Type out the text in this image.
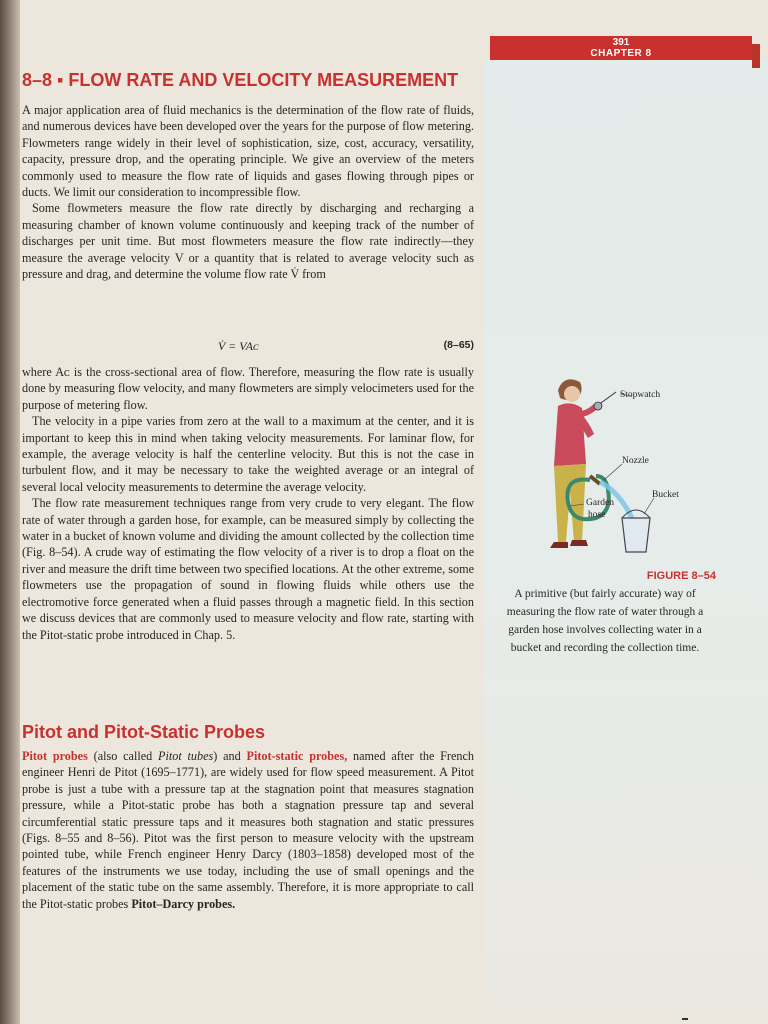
391
CHAPTER 8
8–8 ▪ FLOW RATE AND VELOCITY MEASUREMENT

A major application area of fluid mechanics is the determination of the flow rate of fluids, and numerous devices have been developed over the years for the purpose of flow metering. Flowmeters range widely in their level of sophistication, size, cost, accuracy, versatility, capacity, pressure drop, and the operating principle. We give an overview of the meters commonly used to measure the flow rate of liquids and gases flowing through pipes or ducts. We limit our consideration to incompressible flow.

Some flowmeters measure the flow rate directly by discharging and recharging a measuring chamber of known volume continuously and keeping track of the number of discharges per unit time. But most flowmeters measure the flow rate indirectly—they measure the average velocity V or a quantity that is related to average velocity such as pressure and drag, and determine the volume flow rate V̇ from

V̇ = VAᴄ	(8–65)

where Aᴄ is the cross-sectional area of flow. Therefore, measuring the flow rate is usually done by measuring flow velocity, and many flowmeters are simply velocimeters used for the purpose of metering flow.

The velocity in a pipe varies from zero at the wall to a maximum at the center, and it is important to keep this in mind when taking velocity measurements. For laminar flow, for example, the average velocity is half the centerline velocity. But this is not the case in turbulent flow, and it may be necessary to take the weighted average or an integral of several local velocity measurements to determine the average velocity.

The flow rate measurement techniques range from very crude to very elegant. The flow rate of water through a garden hose, for example, can be measured simply by collecting the water in a bucket of known volume and dividing the amount collected by the collection time (Fig. 8–54). A crude way of estimating the flow velocity of a river is to drop a float on the river and measure the drift time between two specified locations. At the other extreme, some flowmeters use the propagation of sound in flowing fluids while others use the electromotive force generated when a fluid passes through a magnetic field. In this section we discuss devices that are commonly used to measure velocity and flow rate, starting with the Pitot-static probe introduced in Chap. 5.

Pitot and Pitot-Static Probes

Pitot probes (also called Pitot tubes) and Pitot-static probes, named after the French engineer Henri de Pitot (1695–1771), are widely used for flow speed measurement. A Pitot probe is just a tube with a pressure tap at the stagnation point that measures stagnation pressure, while a Pitot-static probe has both a stagnation pressure tap and several circumferential static pressure taps and it measures both stagnation and static pressures (Figs. 8–55 and 8–56). Pitot was the first person to measure velocity with the upstream pointed tube, while French engineer Henry Darcy (1803–1858) developed most of the features of the instruments we use today, including the use of small openings and the placement of the static tube on the same assembly. Therefore, it is more appropriate to call the Pitot-static probes Pitot–Darcy probes.

Stopwatch
Nozzle
Bucket
Garden
hose
FIGURE 8–54
A primitive (but fairly accurate) way of measuring the flow rate of water through a garden hose involves collecting water in a bucket and recording the collection time.
